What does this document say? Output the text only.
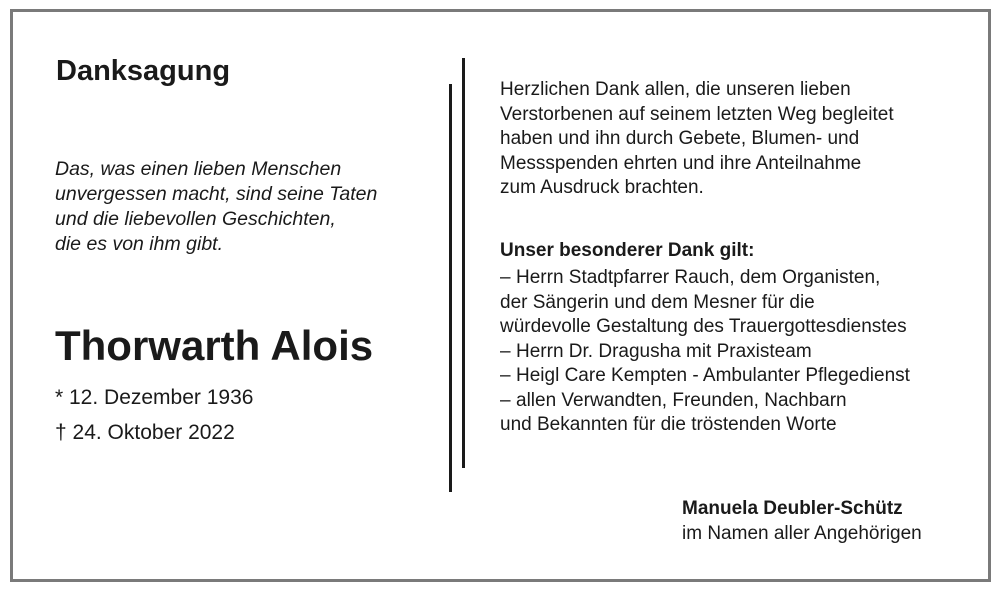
Danksagung
Das, was einen lieben Menschen
unvergessen macht, sind seine Taten
und die liebevollen Geschichten,
die es von ihm gibt.
Thorwarth Alois
* 12. Dezember 1936
† 24. Oktober 2022
Herzlichen Dank allen, die unseren lieben
Verstorbenen auf seinem letzten Weg begleitet
haben und ihn durch Gebete, Blumen- und
Messspenden ehrten und ihre Anteilnahme
zum Ausdruck brachten.
Unser besonderer Dank gilt:
– Herrn Stadtpfarrer Rauch, dem Organisten,
der Sängerin und dem Mesner für die
würdevolle Gestaltung des Trauergottesdienstes
– Herrn Dr. Dragusha mit Praxisteam
– Heigl Care Kempten - Ambulanter Pflegedienst
– allen Verwandten, Freunden, Nachbarn
und Bekannten für die tröstenden Worte
Manuela Deubler-Schütz
im Namen aller Angehörigen
